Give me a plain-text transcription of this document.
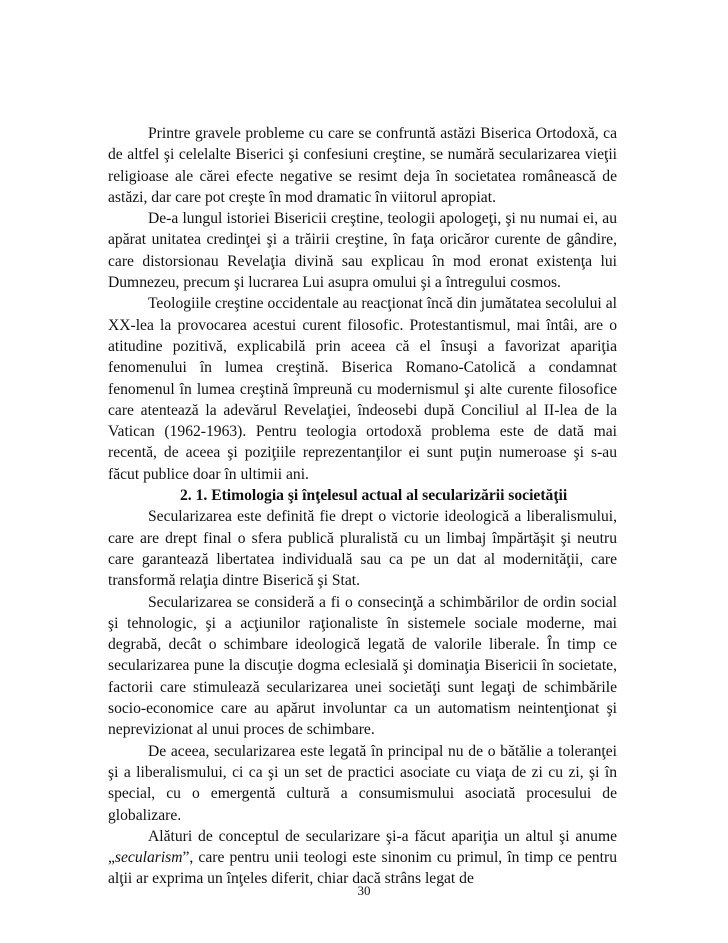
Printre gravele probleme cu care se confruntă astăzi Biserica Ortodoxă, ca de altfel şi celelalte Biserici şi confesiuni creştine, se numără secularizarea vieţii religioase ale cărei efecte negative se resimt deja în societatea românească de astăzi, dar care pot creşte în mod dramatic în viitorul apropiat.

De-a lungul istoriei Bisericii creştine, teologii apologeţi, şi nu numai ei, au apărat unitatea credinţei şi a trăirii creştine, în faţa oricăror curente de gândire, care distorsionau Revelaţia divină sau explicau în mod eronat existenţa lui Dumnezeu, precum şi lucrarea Lui asupra omului şi a întregului cosmos.

Teologiile creştine occidentale au reacţionat încă din jumătatea secolului al XX-lea la provocarea acestui curent filosofic. Protestantismul, mai întâi, are o atitudine pozitivă, explicabilă prin aceea că el însuşi a favorizat apariţia fenomenului în lumea creştină. Biserica Romano-Catolică a condamnat fenomenul în lumea creştină împreună cu modernismul şi alte curente filosofice care atentează la adevărul Revelaţiei, îndeosebi după Conciliul al II-lea de la Vatican (1962-1963). Pentru teologia ortodoxă problema este de dată mai recentă, de aceea şi poziţiile reprezentanţilor ei sunt puţin numeroase şi s-au făcut publice doar în ultimii ani.

2. 1. Etimologia şi înţelesul actual al secularizării societăţii

Secularizarea este definită fie drept o victorie ideologică a liberalismului, care are drept final o sfera publică pluralistă cu un limbaj împărtăşit şi neutru care garantează libertatea individuală sau ca pe un dat al modernităţii, care transformă relaţia dintre Biserică şi Stat.

Secularizarea se consideră a fi o consecinţă a schimbărilor de ordin social şi tehnologic, şi a acţiunilor raţionaliste în sistemele sociale moderne, mai degrabă, decât o schimbare ideologică legată de valorile liberale. În timp ce secularizarea pune la discuţie dogma eclesială şi dominaţia Bisericii în societate, factorii care stimulează secularizarea unei societăţi sunt legaţi de schimbările socio-economice care au apărut involuntar ca un automatism neintenţionat şi neprevizionat al unui proces de schimbare.

De aceea, secularizarea este legată în principal nu de o bătălie a toleranţei şi a liberalismului, ci ca şi un set de practici asociate cu viaţa de zi cu zi, şi în special, cu o emergentă cultură a consumismului asociată procesului de globalizare.

Alături de conceptul de secularizare şi-a făcut apariţia un altul şi anume „secularism”, care pentru unii teologi este sinonim cu primul, în timp ce pentru alţii ar exprima un înţeles diferit, chiar dacă strâns legat de

30
